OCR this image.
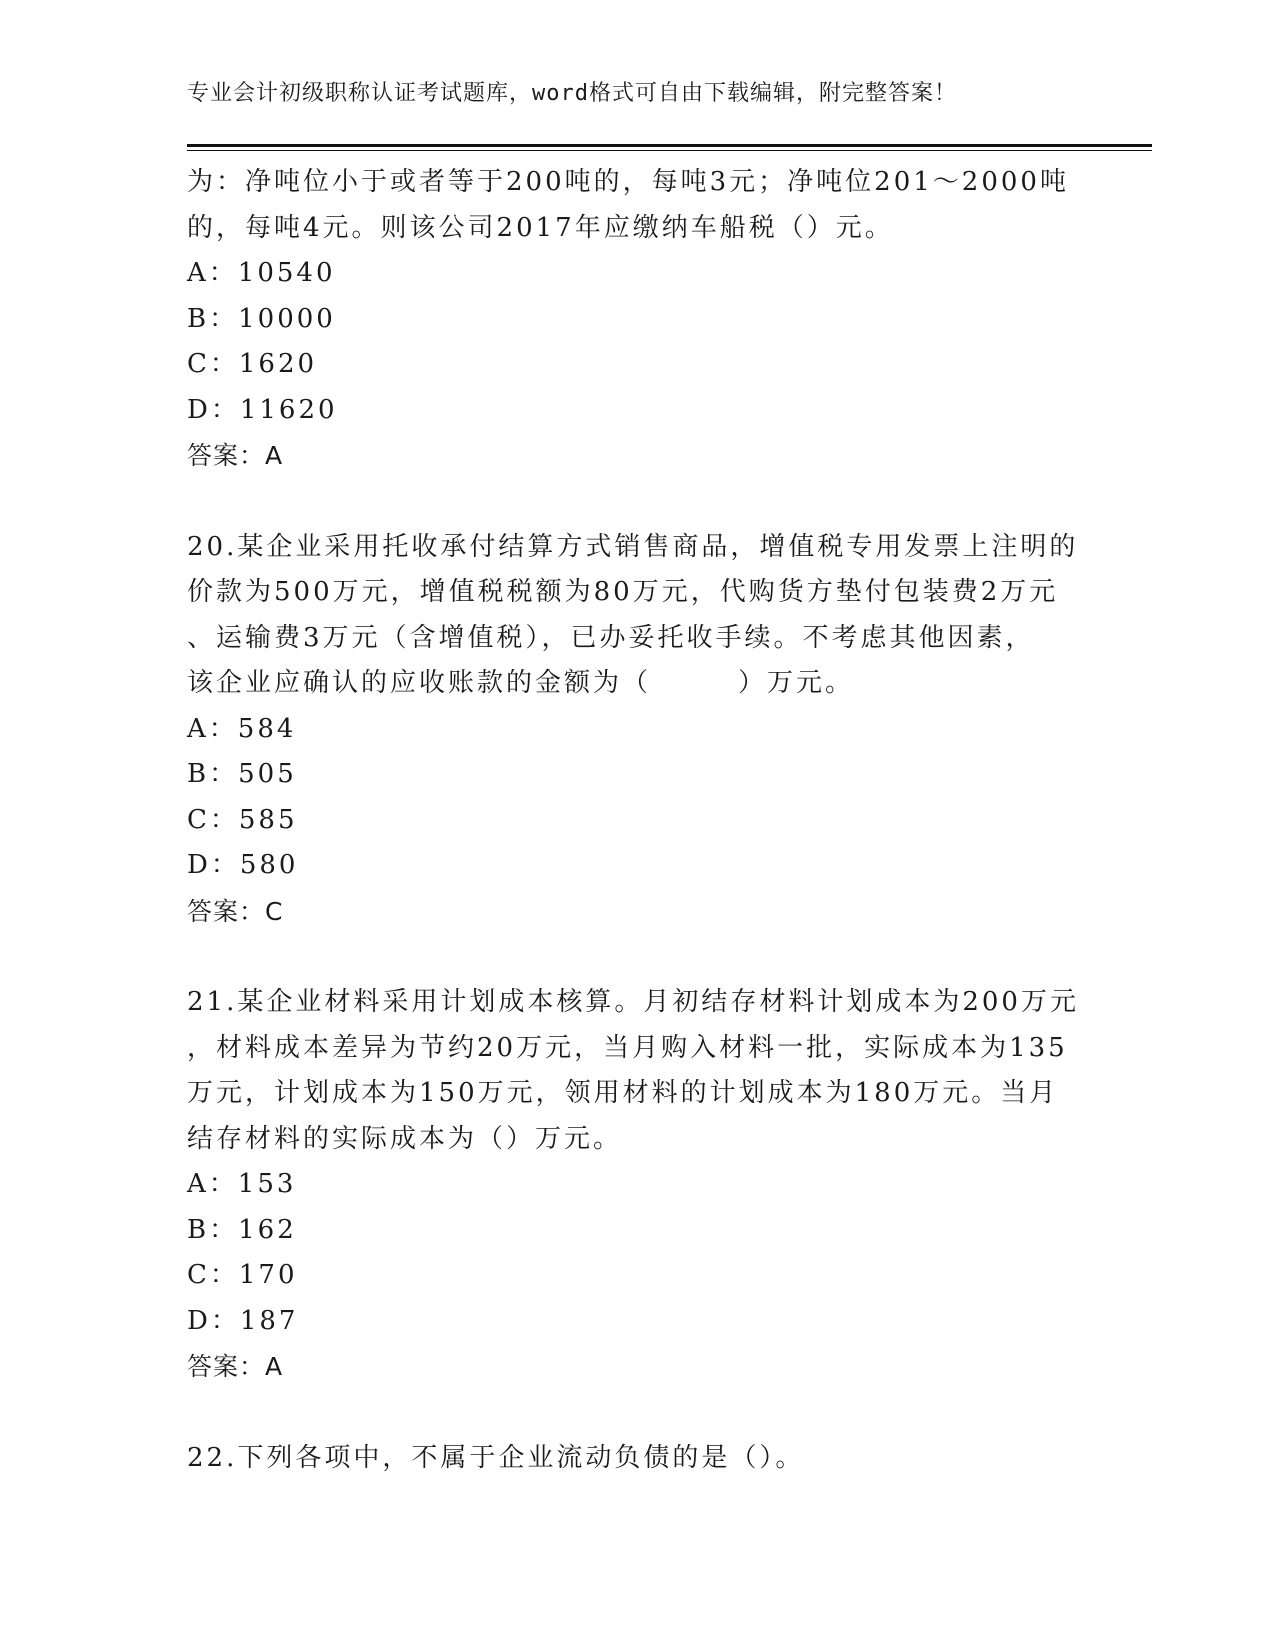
专业会计初级职称认证考试题库，word格式可自由下载编辑，附完整答案！
为：净吨位小于或者等于200吨的，每吨3元；净吨位201～2000吨
的，每吨4元。则该公司2017年应缴纳车船税（）元。
A：10540
B：10000
C：1620
D：11620
答案：A
20.某企业采用托收承付结算方式销售商品，增值税专用发票上注明的
价款为500万元，增值税税额为80万元，代购货方垫付包装费2万元
、运输费3万元（含增值税），已办妥托收手续。不考虑其他因素，
该企业应确认的应收账款的金额为（　　　）万元。
A：584
B：505
C：585
D：580
答案：C
21.某企业材料采用计划成本核算。月初结存材料计划成本为200万元
，材料成本差异为节约20万元，当月购入材料一批，实际成本为135
万元，计划成本为150万元，领用材料的计划成本为180万元。当月
结存材料的实际成本为（）万元。
A：153
B：162
C：170
D：187
答案：A
22.下列各项中，不属于企业流动负债的是（）。
